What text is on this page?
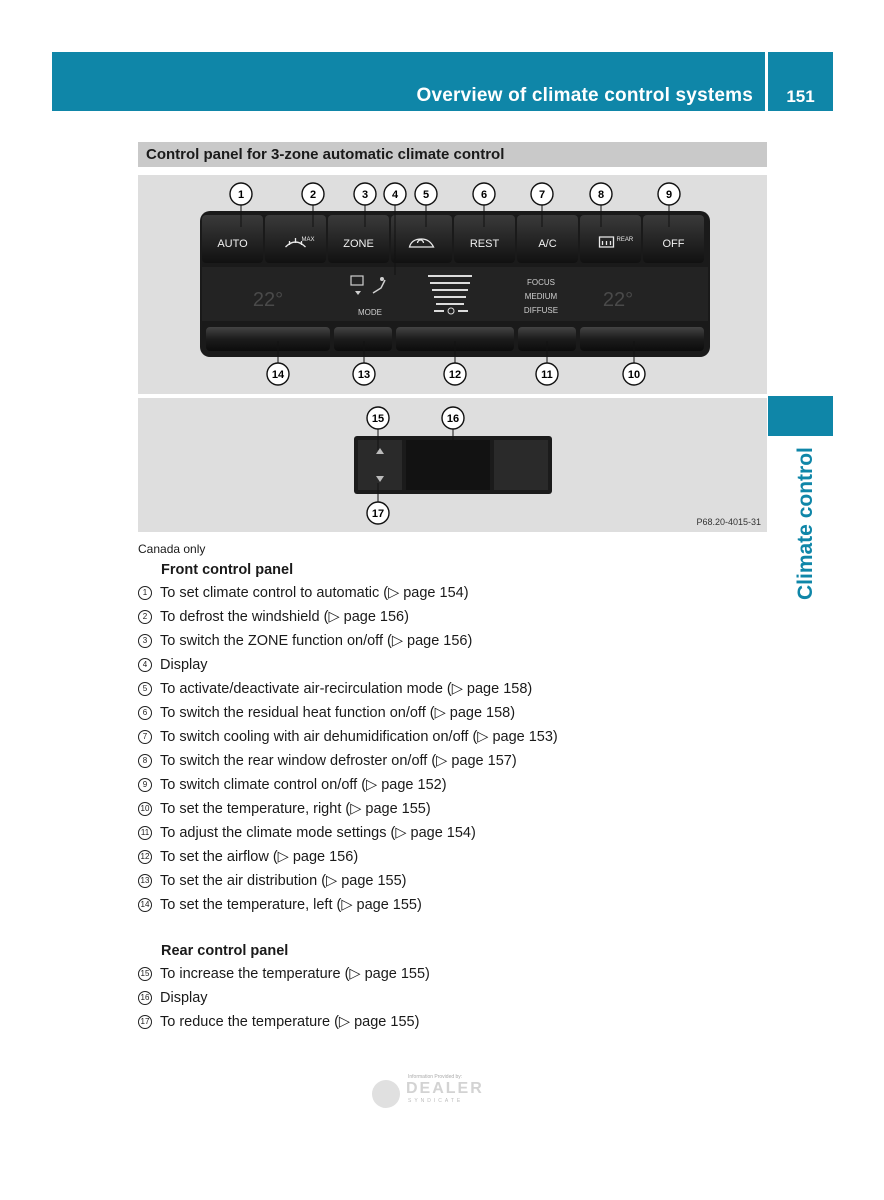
Overview of climate control systems	151
Climate control
Control panel for 3-zone automatic climate control
AUTO	MAX	ZONE	REST	A/C	REAR	OFF
22°	22°
MODE
FOCUS
MEDIUM
DIFFUSE
1	2	3 4 5	6	7	8	9
14	13	12	11	10
15	16
17
P68.20-4015-31
Canada only
Front control panel
1 To set climate control to automatic (▷ page 154)
2 To defrost the windshield (▷ page 156)
3 To switch the ZONE function on/off (▷ page 156)
4 Display
5 To activate/deactivate air-recirculation mode (▷ page 158)
6 To switch the residual heat function on/off (▷ page 158)
7 To switch cooling with air dehumidification on/off (▷ page 153)
8 To switch the rear window defroster on/off (▷ page 157)
9 To switch climate control on/off (▷ page 152)
10 To set the temperature, right (▷ page 155)
11 To adjust the climate mode settings (▷ page 154)
12 To set the airflow (▷ page 156)
13 To set the air distribution (▷ page 155)
14 To set the temperature, left (▷ page 155)
Rear control panel
15 To increase the temperature (▷ page 155)
16 Display
17 To reduce the temperature (▷ page 155)
Information Provided by:
DEALER
SYNDICATE
